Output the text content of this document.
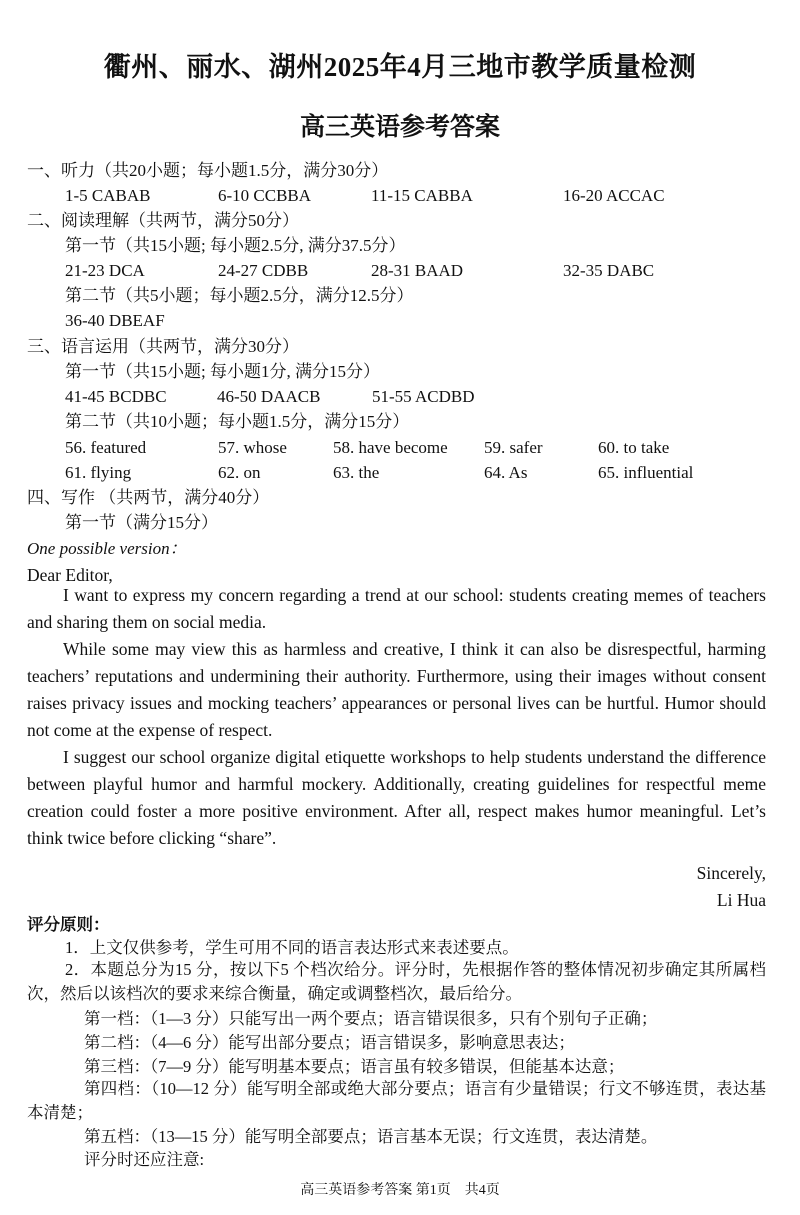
衢州、丽水、湖州2025年4月三地市教学质量检测
高三英语参考答案
一、听力（共20小题；每小题1.5分，满分30分）
1-5 CABAB	6-10 CCBBA	11-15 CABBA	16-20 ACCAC
二、阅读理解（共两节，满分50分）
第一节（共15小题; 每小题2.5分, 满分37.5分）
21-23 DCA	24-27 CDBB	28-31 BAAD	32-35 DABC
第二节（共5小题；每小题2.5分，满分12.5分）
36-40 DBEAF
三、语言运用（共两节，满分30分）
第一节（共15小题; 每小题1分, 满分15分）
41-45 BCDBC	46-50 DAACB	51-55 ACDBD
第二节（共10小题；每小题1.5分，满分15分）
56. featured	57. whose	58. have become 59. safer	60. to take
61. flying	62. on	63. the	64. As	65. influential
四、写作 （共两节，满分40分）
第一节（满分15分）
One possible version：
Dear Editor,

I want to express my concern regarding a trend at our school: students creating memes of teachers and sharing them on social media.

While some may view this as harmless and creative, I think it can also be disrespectful, harming teachers’ reputations and undermining their authority. Furthermore, using their images without consent raises privacy issues and mocking teachers’ appearances or personal lives can be hurtful. Humor should not come at the expense of respect.

I suggest our school organize digital etiquette workshops to help students understand the difference between playful humor and harmful mockery. Additionally, creating guidelines for respectful meme creation could foster a more positive environment. After all, respect makes humor meaningful. Let’s think twice before clicking “share”.

Sincerely,
Li Hua
评分原则：
1．上文仅供参考，学生可用不同的语言表达形式来表述要点。

2．本题总分为15 分，按以下5 个档次给分。评分时，先根据作答的整体情况初步确定其所属档次，然后以该档次的要求来综合衡量，确定或调整档次，最后给分。

第一档：（1—3 分）只能写出一两个要点；语言错误很多，只有个别句子正确；
第二档：（4—6 分）能写出部分要点；语言错误多，影响意思表达；
第三档：（7—9 分）能写明基本要点；语言虽有较多错误，但能基本达意；

第四档：（10—12 分）能写明全部或绝大部分要点；语言有少量错误；行文不够连贯，表达基本清楚；

第五档：（13—15 分）能写明全部要点；语言基本无误；行文连贯，表达清楚。
评分时还应注意:
高三英语参考答案 第1页　共4页
